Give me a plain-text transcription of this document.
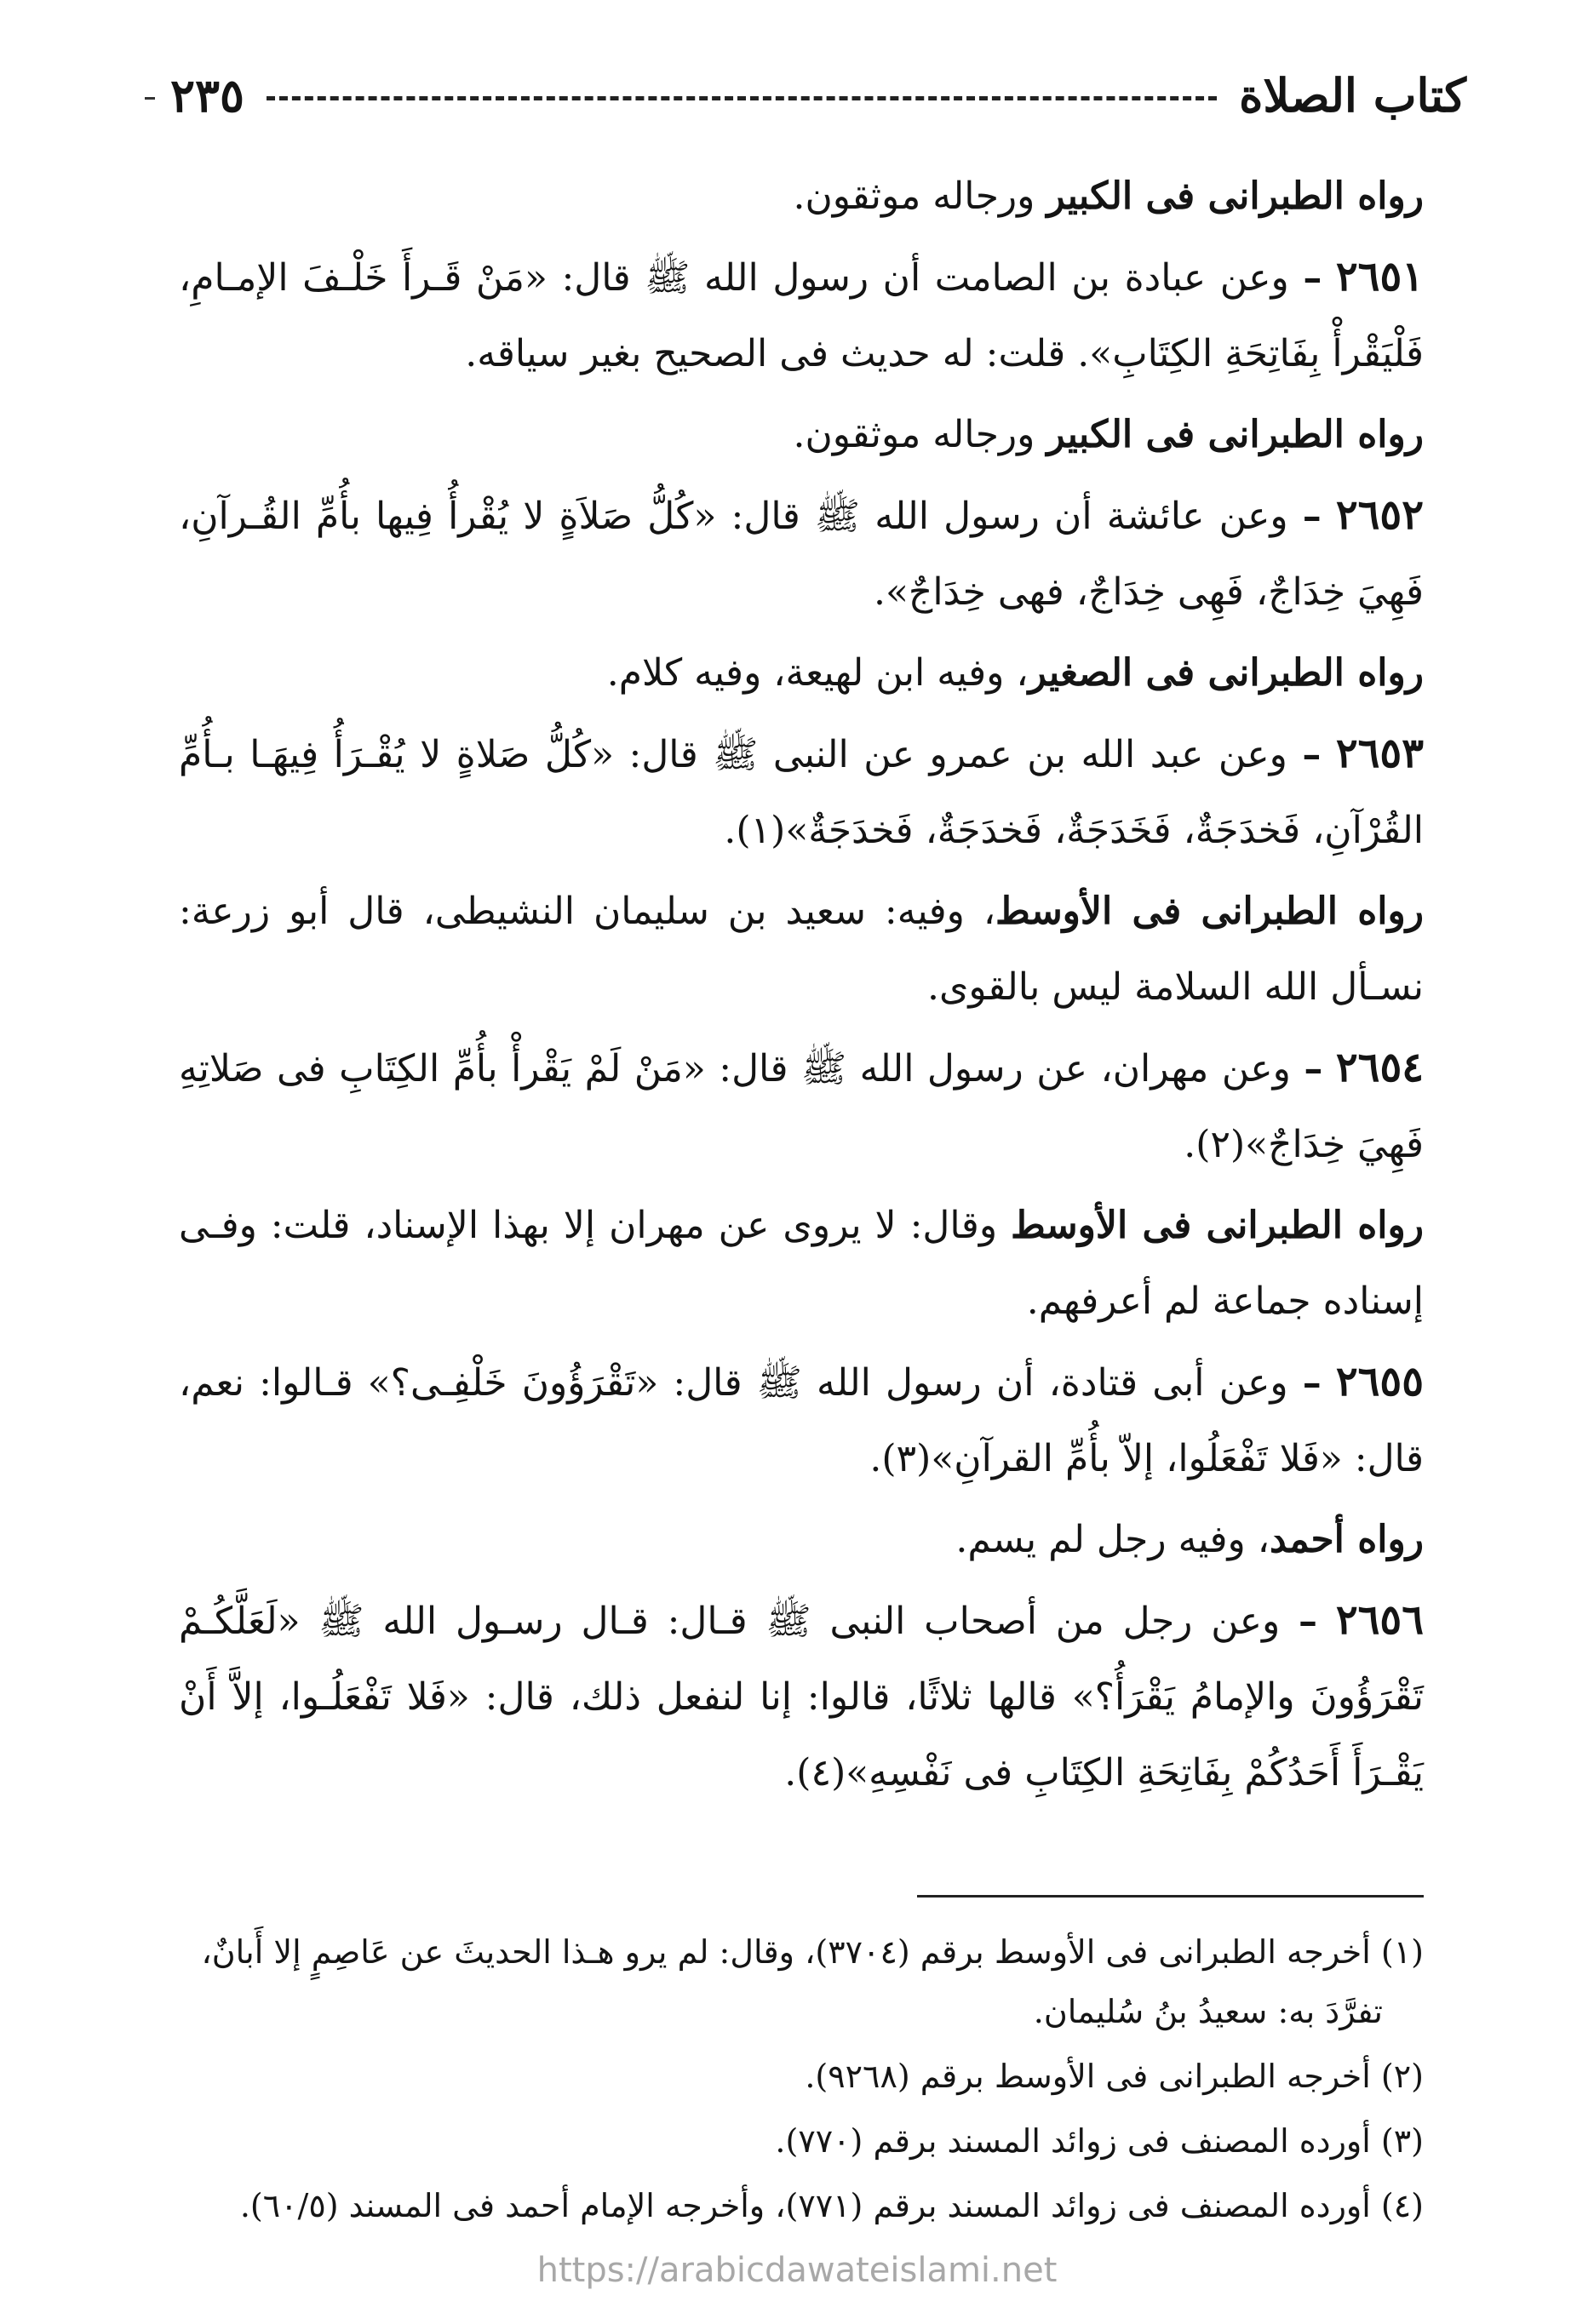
كتاب الصلاة
٢٣٥

رواه الطبرانى فى الكبير ورجاله موثقون.

٢٦٥١ – وعن عبادة بن الصامت أن رسول الله ﷺ قال: «مَنْ قَـرأَ خَلْـفَ الإمـامِ، فَلْيَقْرأْ بِفَاتِحَةِ الكِتَابِ». قلت: له حديث فى الصحيح بغير سياقه.

رواه الطبرانى فى الكبير ورجاله موثقون.

٢٦٥٢ – وعن عائشة أن رسول الله ﷺ قال: «كُلُّ صَلاَةٍ لا يُقْرأُ فِيها بأُمِّ القُـرآنِ، فَهِيَ خِدَاجٌ، فَهِى خِدَاجٌ، فهى خِدَاجٌ».

رواه الطبرانى فى الصغير، وفيه ابن لهيعة، وفيه كلام.

٢٦٥٣ – وعن عبد الله بن عمرو عن النبى ﷺ قال: «كُلُّ صَلاةٍ لا يُقْـرَأُ فِيهَـا بـأُمِّ القُرْآنِ، فَخدَجَةٌ، فَخَدَجَةٌ، فَخدَجَةٌ، فَخدَجَةٌ»(١).

رواه الطبرانى فى الأوسط، وفيه: سعيد بن سليمان النشيطى، قال أبو زرعة: نسـأل الله السلامة ليس بالقوى.

٢٦٥٤ – وعن مهران، عن رسول الله ﷺ قال: «مَنْ لَمْ يَقْرأْ بأُمِّ الكِتَابِ فى صَلاتِهِ فَهِيَ خِدَاجٌ»(٢).

رواه الطبرانى فى الأوسط وقال: لا يروى عن مهران إلا بهذا الإسناد، قلت: وفـى إسناده جماعة لم أعرفهم.

٢٦٥٥ – وعن أبى قتادة، أن رسول الله ﷺ قال: «تَقْرَؤُونَ خَلْفِـى؟» قـالوا: نعم، قال: «فَلا تَفْعَلُوا، إلاّ بأُمِّ القرآنِ»(٣).

رواه أحمد، وفيه رجل لم يسم.

٢٦٥٦ – وعن رجل من أصحاب النبى ﷺ قـال: قـال رسـول الله ﷺ «لَعَلَّكُـمْ تَقْرَؤُونَ والإمامُ يَقْرَأُ؟» قالها ثلاثًا، قالوا: إنا لنفعل ذلك، قال: «فَلا تَفْعَلُـوا، إلاَّ أَنْ يَقْـرَأَ أَحَدُكُمْ بِفَاتِحَةِ الكِتَابِ فى نَفْسِهِ»(٤).

(١) أخرجه الطبرانى فى الأوسط برقم (٣٧٠٤)، وقال: لم يرو هـذا الحديثَ عن عَاصِمٍ إلا أَبانٌ،
تفرَّدَ به: سعيدُ بنُ سُليمان.

(٢) أخرجه الطبرانى فى الأوسط برقم (٩٢٦٨).

(٣) أورده المصنف فى زوائد المسند برقم (٧٧٠).

(٤) أورده المصنف فى زوائد المسند برقم (٧٧١)، وأخرجه الإمام أحمد فى المسند (٦٠/٥).

https://arabicdawateislami.net
